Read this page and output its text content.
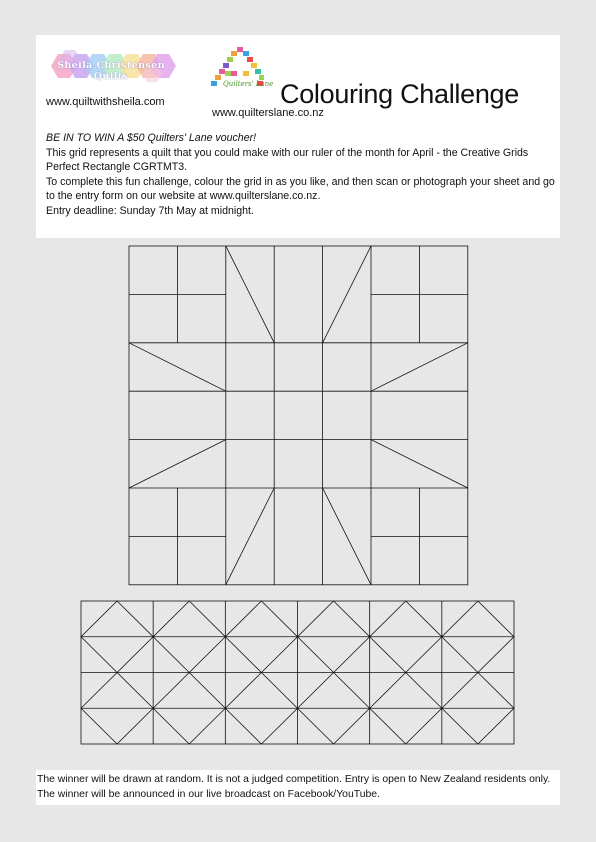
Sheila Christensen Quilts
www.quiltwithsheila.com
Quilters' Lane
www.quilterslane.co.nz
Colouring Challenge

BE IN TO WIN A $50 Quilters' Lane voucher!

This grid represents a quilt that you could make with our ruler of the month for April - the Creative Grids Perfect Rectangle CGRTMT3.

To complete this fun challenge, colour the grid in as you like, and then scan or photograph your sheet and go to the entry form on our website at www.quilterslane.co.nz.

Entry deadline: Sunday 7th May at midnight.

The winner will be drawn at random. It is not a judged competition. Entry is open to New Zealand residents only. The winner will be announced in our live broadcast on Facebook/YouTube.
